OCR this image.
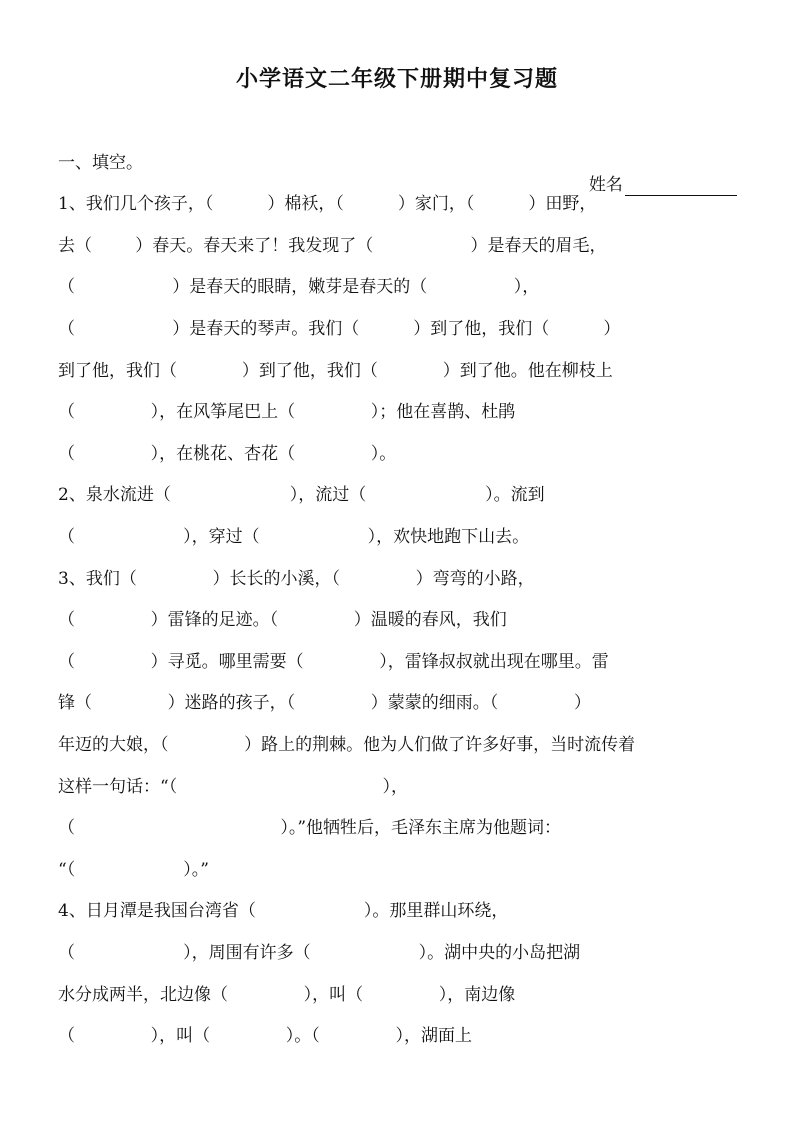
小学语文二年级下册期中复习题
一、填空。

姓名

1、我们几个孩子，（          ）棉袄，（          ）家门，（          ）田野，
去（        ）春天。春天来了！我发现了（                  ）是春天的眉毛，
（                  ）是春天的眼睛，嫩芽是春天的（                ），
（                  ）是春天的琴声。我们（          ）到了他，我们（          ）
到了他，我们（            ）到了他，我们（            ）到了他。他在柳枝上
（              ），在风筝尾巴上（              ）；他在喜鹊、杜鹃
（              ），在桃花、杏花（              ）。
2、泉水流进（                      ），流过（                      ）。流到
（                    ），穿过（                    ），欢快地跑下山去。
3、我们（              ）长长的小溪，（              ）弯弯的小路，
（              ）雷锋的足迹。（              ）温暖的春风，我们
（              ）寻觅。哪里需要（              ），雷锋叔叔就出现在哪里。雷
锋（              ）迷路的孩子，（              ）蒙蒙的细雨。（              ）
年迈的大娘，（              ）路上的荆棘。他为人们做了许多好事，当时流传着
这样一句话：“（                                      ），
（                                      ）。”他牺牲后，毛泽东主席为他题词：
“（                    ）。”
4、日月潭是我国台湾省（                    ）。那里群山环绕，
（                    ），周围有许多（                    ）。湖中央的小岛把湖
水分成两半，北边像（              ），叫（              ），南边像
（              ），叫（              ）。（              ），湖面上
